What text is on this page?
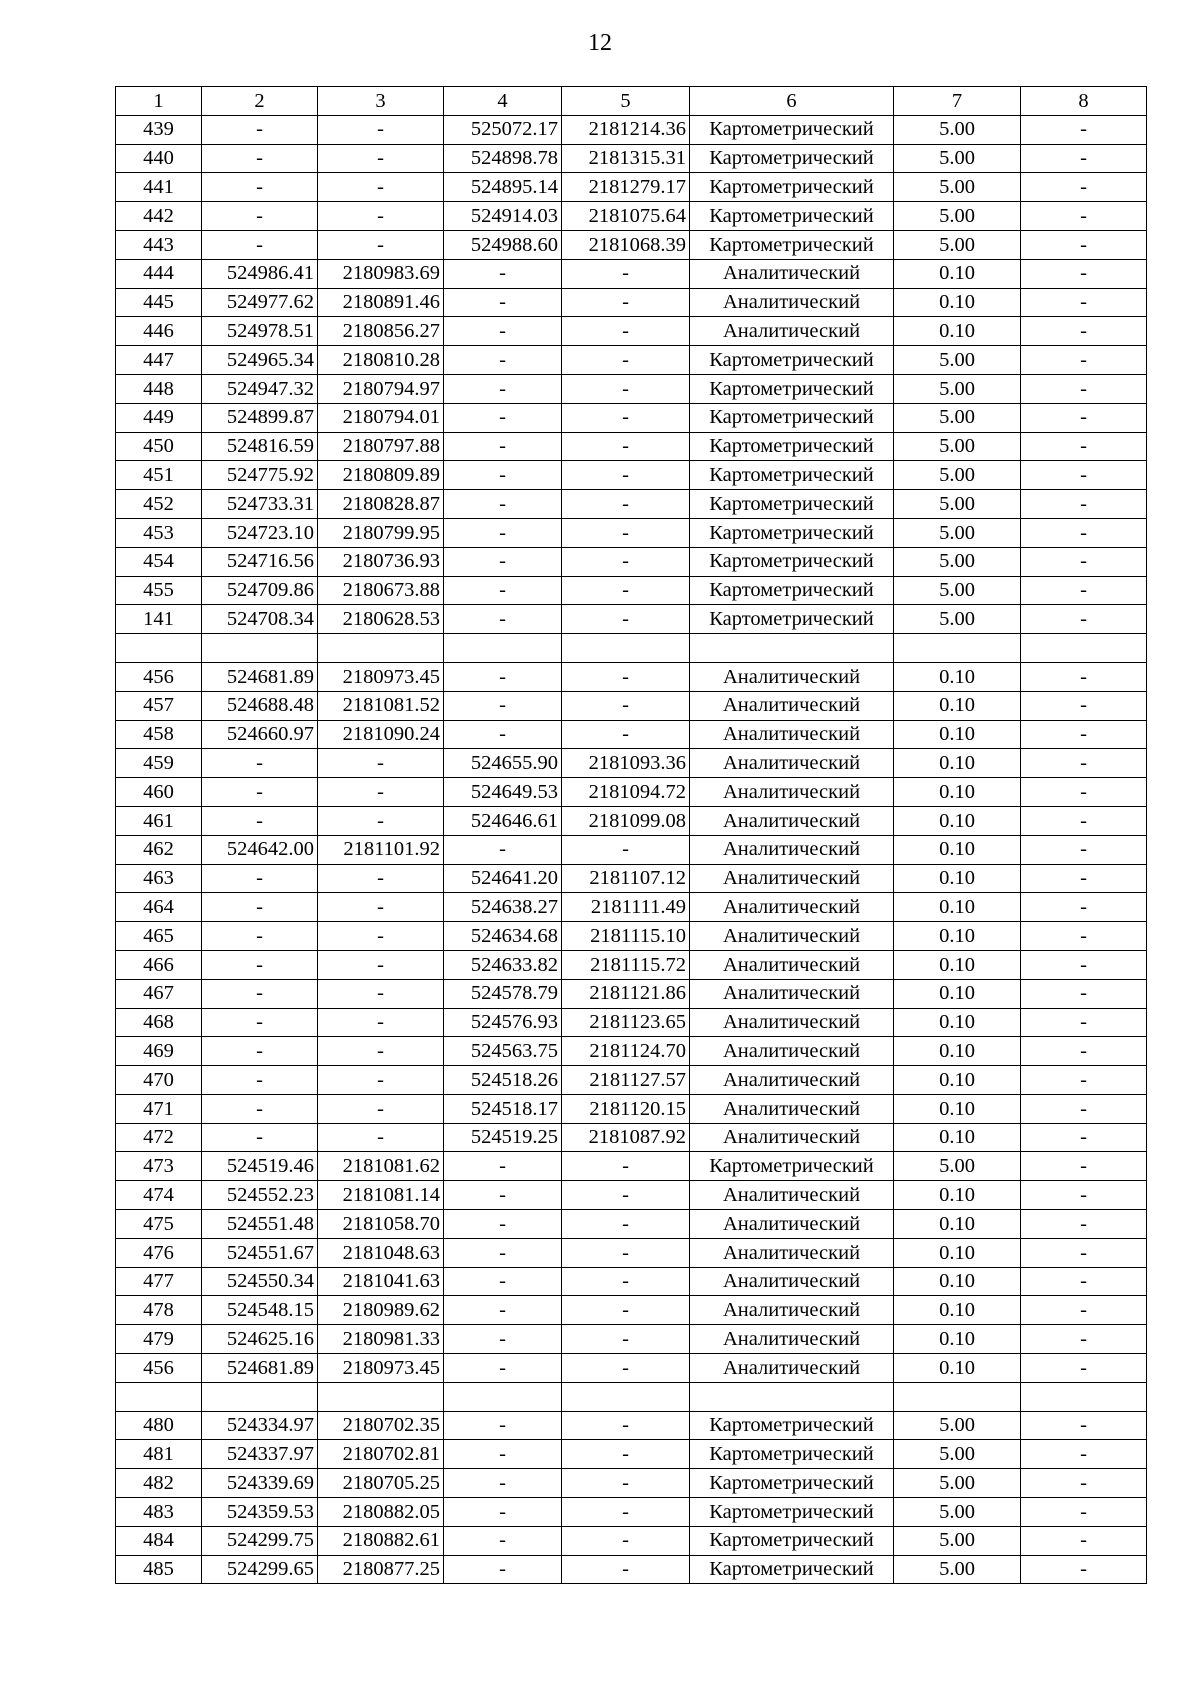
12
1	2	3	4	5	6	7	8
439	-	-	525072.17	2181214.36	Картометрический	5.00	-
440	-	-	524898.78	2181315.31	Картометрический	5.00	-
441	-	-	524895.14	2181279.17	Картометрический	5.00	-
442	-	-	524914.03	2181075.64	Картометрический	5.00	-
443	-	-	524988.60	2181068.39	Картометрический	5.00	-
444	524986.41	2180983.69	-	-	Аналитический	0.10	-
445	524977.62	2180891.46	-	-	Аналитический	0.10	-
446	524978.51	2180856.27	-	-	Аналитический	0.10	-
447	524965.34	2180810.28	-	-	Картометрический	5.00	-
448	524947.32	2180794.97	-	-	Картометрический	5.00	-
449	524899.87	2180794.01	-	-	Картометрический	5.00	-
450	524816.59	2180797.88	-	-	Картометрический	5.00	-
451	524775.92	2180809.89	-	-	Картометрический	5.00	-
452	524733.31	2180828.87	-	-	Картометрический	5.00	-
453	524723.10	2180799.95	-	-	Картометрический	5.00	-
454	524716.56	2180736.93	-	-	Картометрический	5.00	-
455	524709.86	2180673.88	-	-	Картометрический	5.00	-
141	524708.34	2180628.53	-	-	Картометрический	5.00	-

456	524681.89	2180973.45	-	-	Аналитический	0.10	-
457	524688.48	2181081.52	-	-	Аналитический	0.10	-
458	524660.97	2181090.24	-	-	Аналитический	0.10	-
459	-	-	524655.90	2181093.36	Аналитический	0.10	-
460	-	-	524649.53	2181094.72	Аналитический	0.10	-
461	-	-	524646.61	2181099.08	Аналитический	0.10	-
462	524642.00	2181101.92	-	-	Аналитический	0.10	-
463	-	-	524641.20	2181107.12	Аналитический	0.10	-
464	-	-	524638.27	2181111.49	Аналитический	0.10	-
465	-	-	524634.68	2181115.10	Аналитический	0.10	-
466	-	-	524633.82	2181115.72	Аналитический	0.10	-
467	-	-	524578.79	2181121.86	Аналитический	0.10	-
468	-	-	524576.93	2181123.65	Аналитический	0.10	-
469	-	-	524563.75	2181124.70	Аналитический	0.10	-
470	-	-	524518.26	2181127.57	Аналитический	0.10	-
471	-	-	524518.17	2181120.15	Аналитический	0.10	-
472	-	-	524519.25	2181087.92	Аналитический	0.10	-
473	524519.46	2181081.62	-	-	Картометрический	5.00	-
474	524552.23	2181081.14	-	-	Аналитический	0.10	-
475	524551.48	2181058.70	-	-	Аналитический	0.10	-
476	524551.67	2181048.63	-	-	Аналитический	0.10	-
477	524550.34	2181041.63	-	-	Аналитический	0.10	-
478	524548.15	2180989.62	-	-	Аналитический	0.10	-
479	524625.16	2180981.33	-	-	Аналитический	0.10	-
456	524681.89	2180973.45	-	-	Аналитический	0.10	-

480	524334.97	2180702.35	-	-	Картометрический	5.00	-
481	524337.97	2180702.81	-	-	Картометрический	5.00	-
482	524339.69	2180705.25	-	-	Картометрический	5.00	-
483	524359.53	2180882.05	-	-	Картометрический	5.00	-
484	524299.75	2180882.61	-	-	Картометрический	5.00	-
485	524299.65	2180877.25	-	-	Картометрический	5.00	-
